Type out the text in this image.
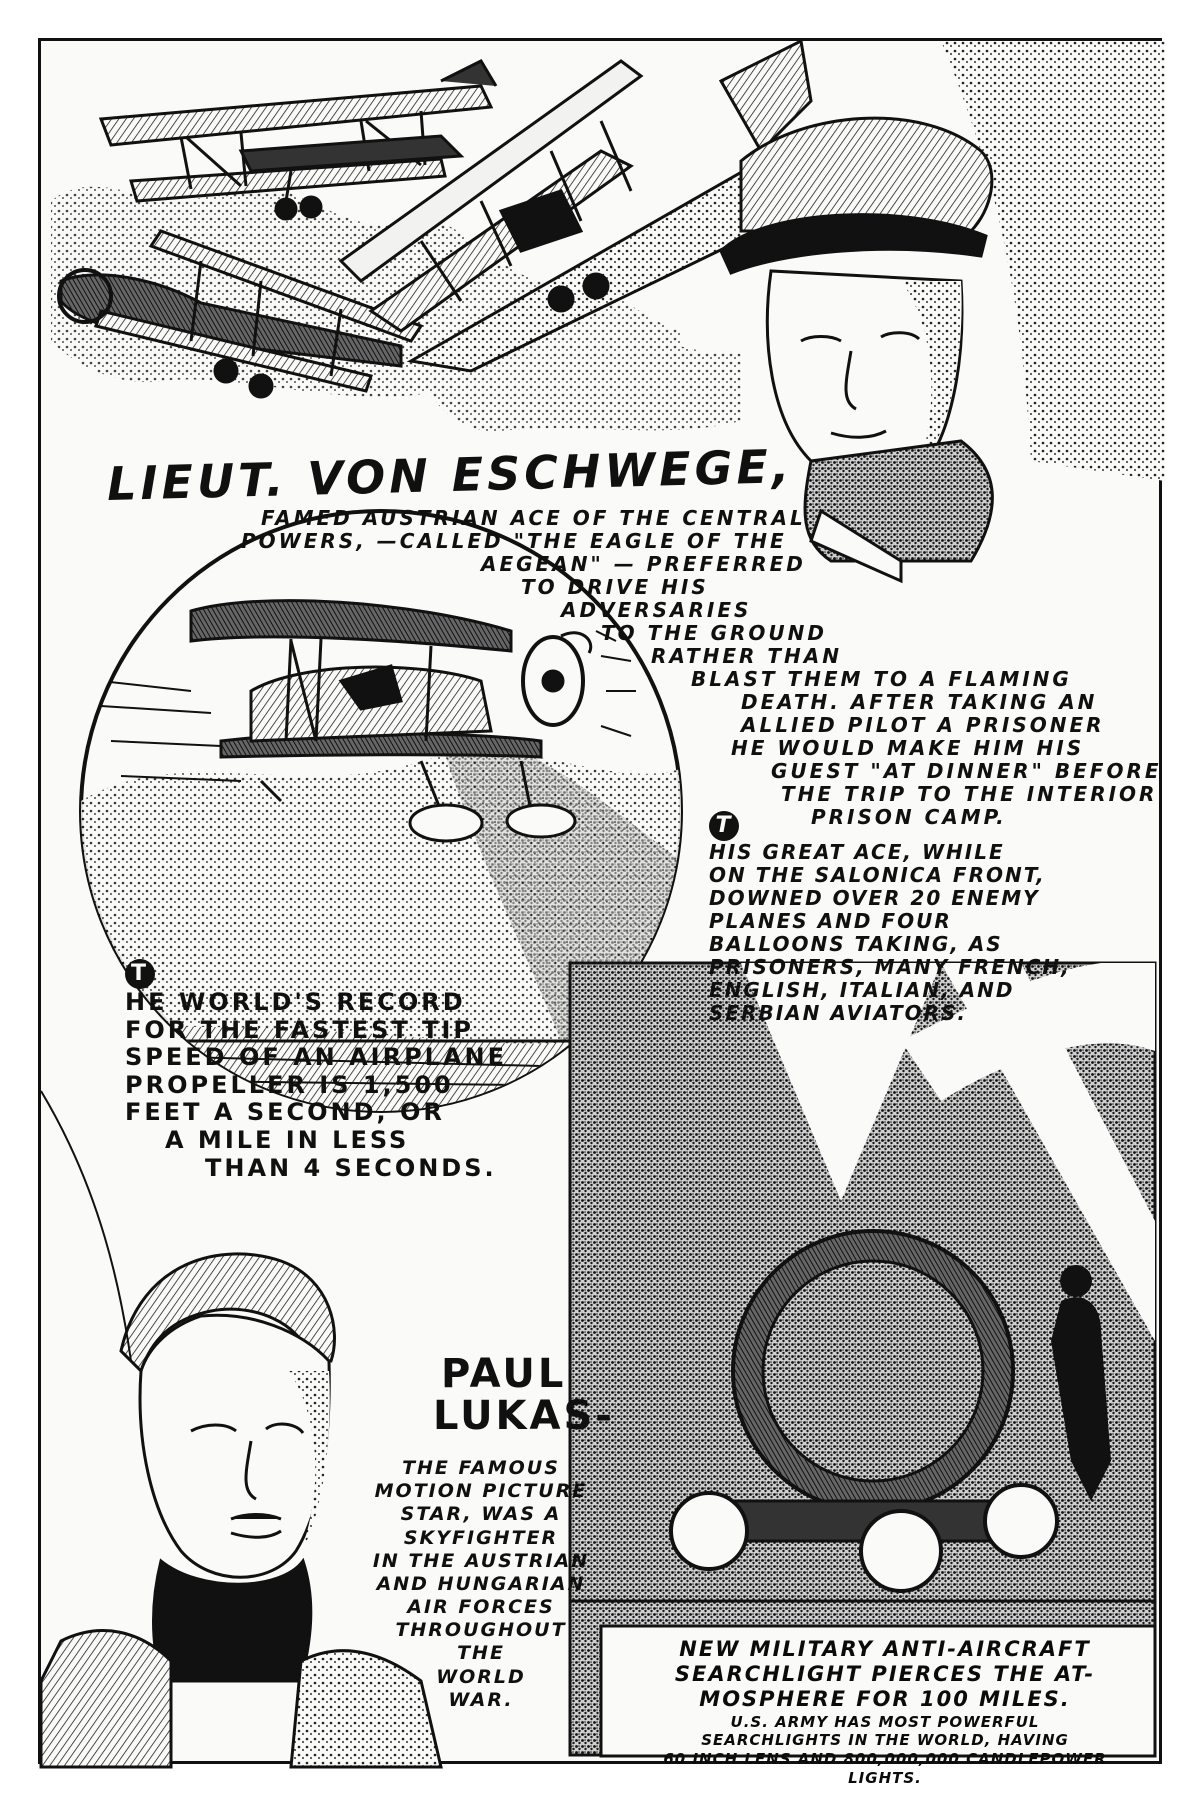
LIEUT. VON ESCHWEGE,
FAMED AUSTRIAN ACE OF THE CENTRAL
POWERS, —CALLED "THE EAGLE OF THE
AEGEAN" — PREFERRED
TO DRIVE HIS
ADVERSARIES
TO THE GROUND
RATHER THAN
BLAST THEM TO A FLAMING
DEATH. AFTER TAKING AN
ALLIED PILOT A PRISONER
HE WOULD MAKE HIM HIS
GUEST "AT DINNER" BEFORE
THE TRIP TO THE INTERIOR
PRISON CAMP.
T
HIS GREAT ACE, WHILE
ON THE SALONICA FRONT,
DOWNED OVER 20 ENEMY
PLANES AND FOUR
BALLOONS TAKING, AS
PRISONERS, MANY FRENCH,
ENGLISH, ITALIAN, AND
SERBIAN AVIATORS.
T
HE WORLD'S RECORD
FOR THE FASTEST TIP
SPEED OF AN AIRPLANE
PROPELLER IS 1,500
FEET A SECOND, OR
A MILE IN LESS
THAN 4 SECONDS.
PAUL
LUKAS-
THE FAMOUS
MOTION PICTURE
STAR, WAS A
SKYFIGHTER
IN THE AUSTRIAN
AND HUNGARIAN
AIR FORCES
THROUGHOUT
THE
WORLD
WAR.
NEW MILITARY ANTI-AIRCRAFT
SEARCHLIGHT PIERCES THE AT-
MOSPHERE FOR 100 MILES.
U.S. ARMY HAS MOST POWERFUL
SEARCHLIGHTS IN THE WORLD, HAVING
60 INCH LENS AND 800,000,000 CANDLEPOWER
LIGHTS.
